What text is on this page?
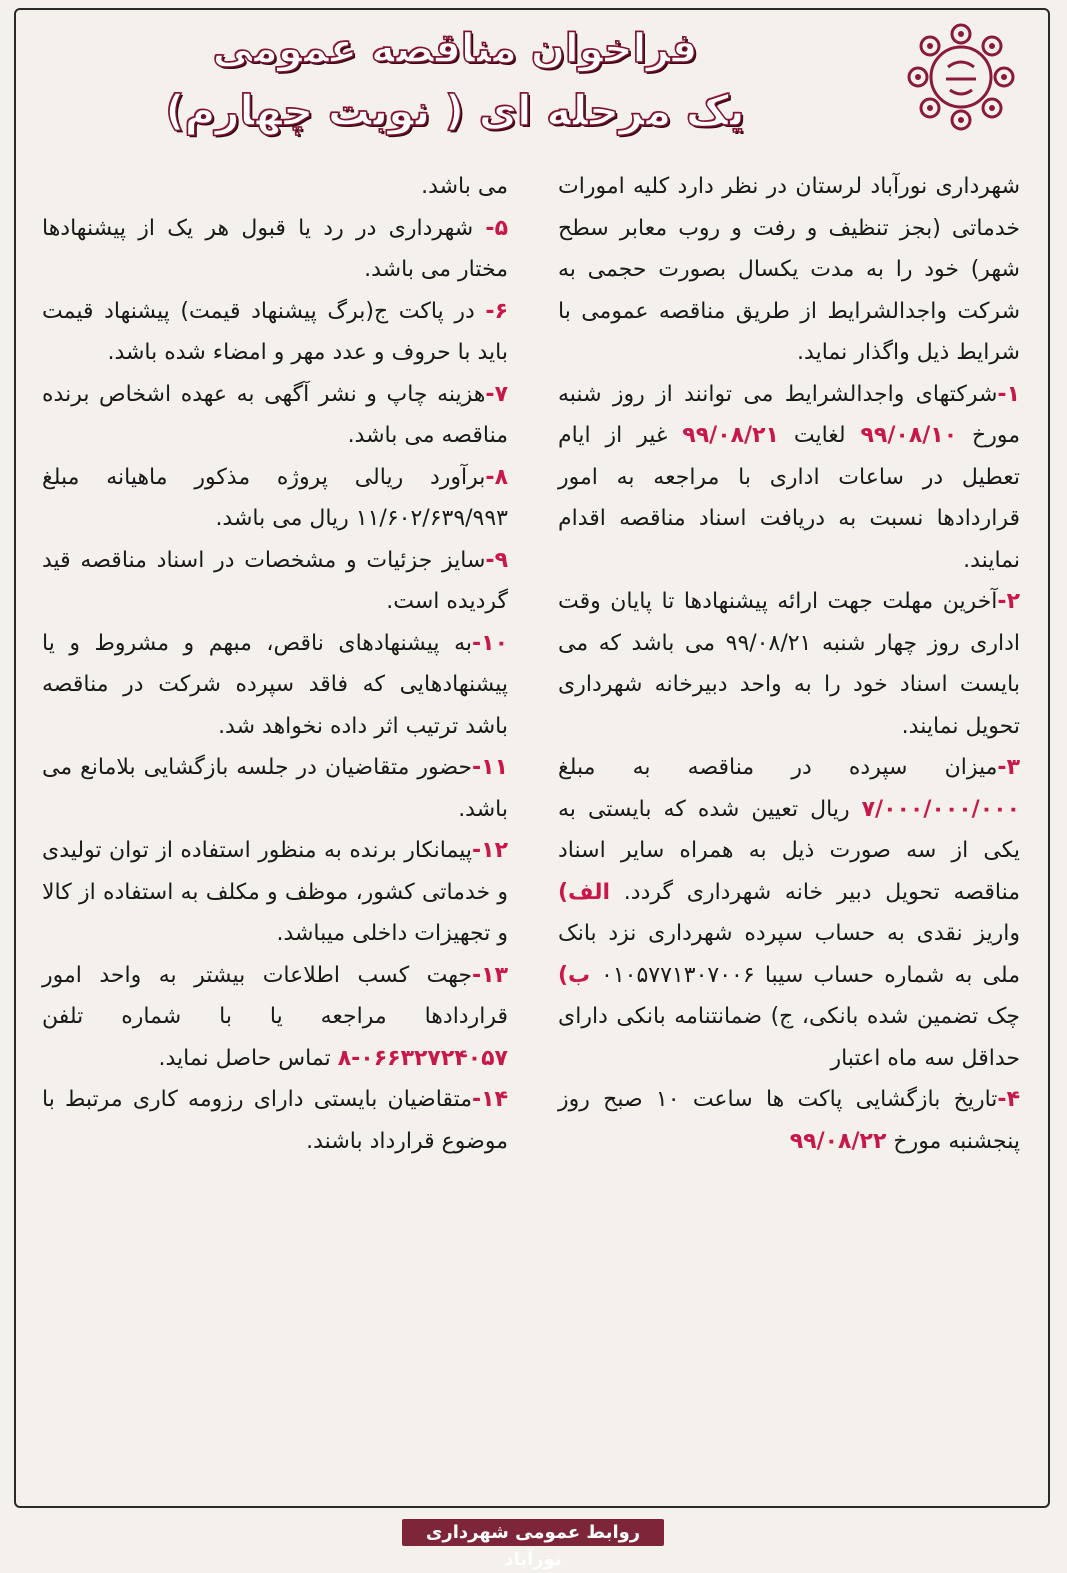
فراخوان مناقصه عمومی
یک مرحله ای ( نوبت چهارم)

شهرداری نورآباد لرستان در نظر دارد کلیه امورات خدماتی (بجز تنظیف و رفت و روب معابر سطح شهر) خود را به مدت یکسال بصورت حجمی به شرکت واجدالشرایط از طریق مناقصه عمومی با شرایط ذیل واگذار نماید.

۱-شرکتهای واجدالشرایط می توانند از روز شنبه مورخ ۹۹/۰۸/۱۰ لغایت ۹۹/۰۸/۲۱ غیر از ایام تعطیل در ساعات اداری با مراجعه به امور قراردادها نسبت به دریافت اسناد مناقصه اقدام نمایند.

۲-آخرین مهلت جهت ارائه پیشنهادها تا پایان وقت اداری روز چهار شنبه ۹۹/۰۸/۲۱ می باشد که می بایست اسناد خود را به واحد دبیرخانه شهرداری تحویل نمایند.

۳-میزان سپرده در مناقصه به مبلغ ۷/۰۰۰/۰۰۰/۰۰۰ ریال تعیین شده که بایستی به یکی از سه صورت ذیل به همراه سایر اسناد مناقصه تحویل دبیر خانه شهرداری گردد. الف) واریز نقدی به حساب سپرده شهرداری نزد بانک ملی به شماره حساب سیبا ۰۱۰۵۷۷۱۳۰۷۰۰۶ ب) چک تضمین شده بانکی، ج) ضمانتنامه بانکی دارای حداقل سه ماه اعتبار

۴-تاریخ بازگشایی پاکت ها ساعت ۱۰ صبح روز پنجشنبه مورخ ۹۹/۰۸/۲۲

می باشد.

۵- شهرداری در رد یا قبول هر یک از پیشنهادها مختار می باشد.

۶- در پاکت ج(برگ پیشنهاد قیمت) پیشنهاد قیمت باید با حروف و عدد مهر و امضاء شده باشد.

۷-هزینه چاپ و نشر آگهی به عهده اشخاص برنده مناقصه می باشد.

۸-برآورد ریالی پروژه مذکور ماهیانه مبلغ ۱۱/۶۰۲/۶۳۹/۹۹۳ ریال می باشد.

۹-سایز جزئیات و مشخصات در اسناد مناقصه قید گردیده است.

۱۰-به پیشنهادهای ناقص، مبهم و مشروط و یا پیشنهادهایی که فاقد سپرده شرکت در مناقصه باشد ترتیب اثر داده نخواهد شد.

۱۱-حضور متقاضیان در جلسه بازگشایی بلامانع می باشد.

۱۲-پیمانکار برنده به منظور استفاده از توان تولیدی و خدماتی کشور، موظف و مکلف به استفاده از کالا و تجهیزات داخلی میباشد.

۱۳-جهت کسب اطلاعات بیشتر به واحد امور قراردادها مراجعه یا با شماره تلفن ۰۶۶۳۲۷۲۴۰۵۷-۸ تماس حاصل نماید.

۱۴-متقاضیان بایستی دارای رزومه کاری مرتبط با موضوع قرارداد باشند.

روابط عمومی شهرداری نورآباد
